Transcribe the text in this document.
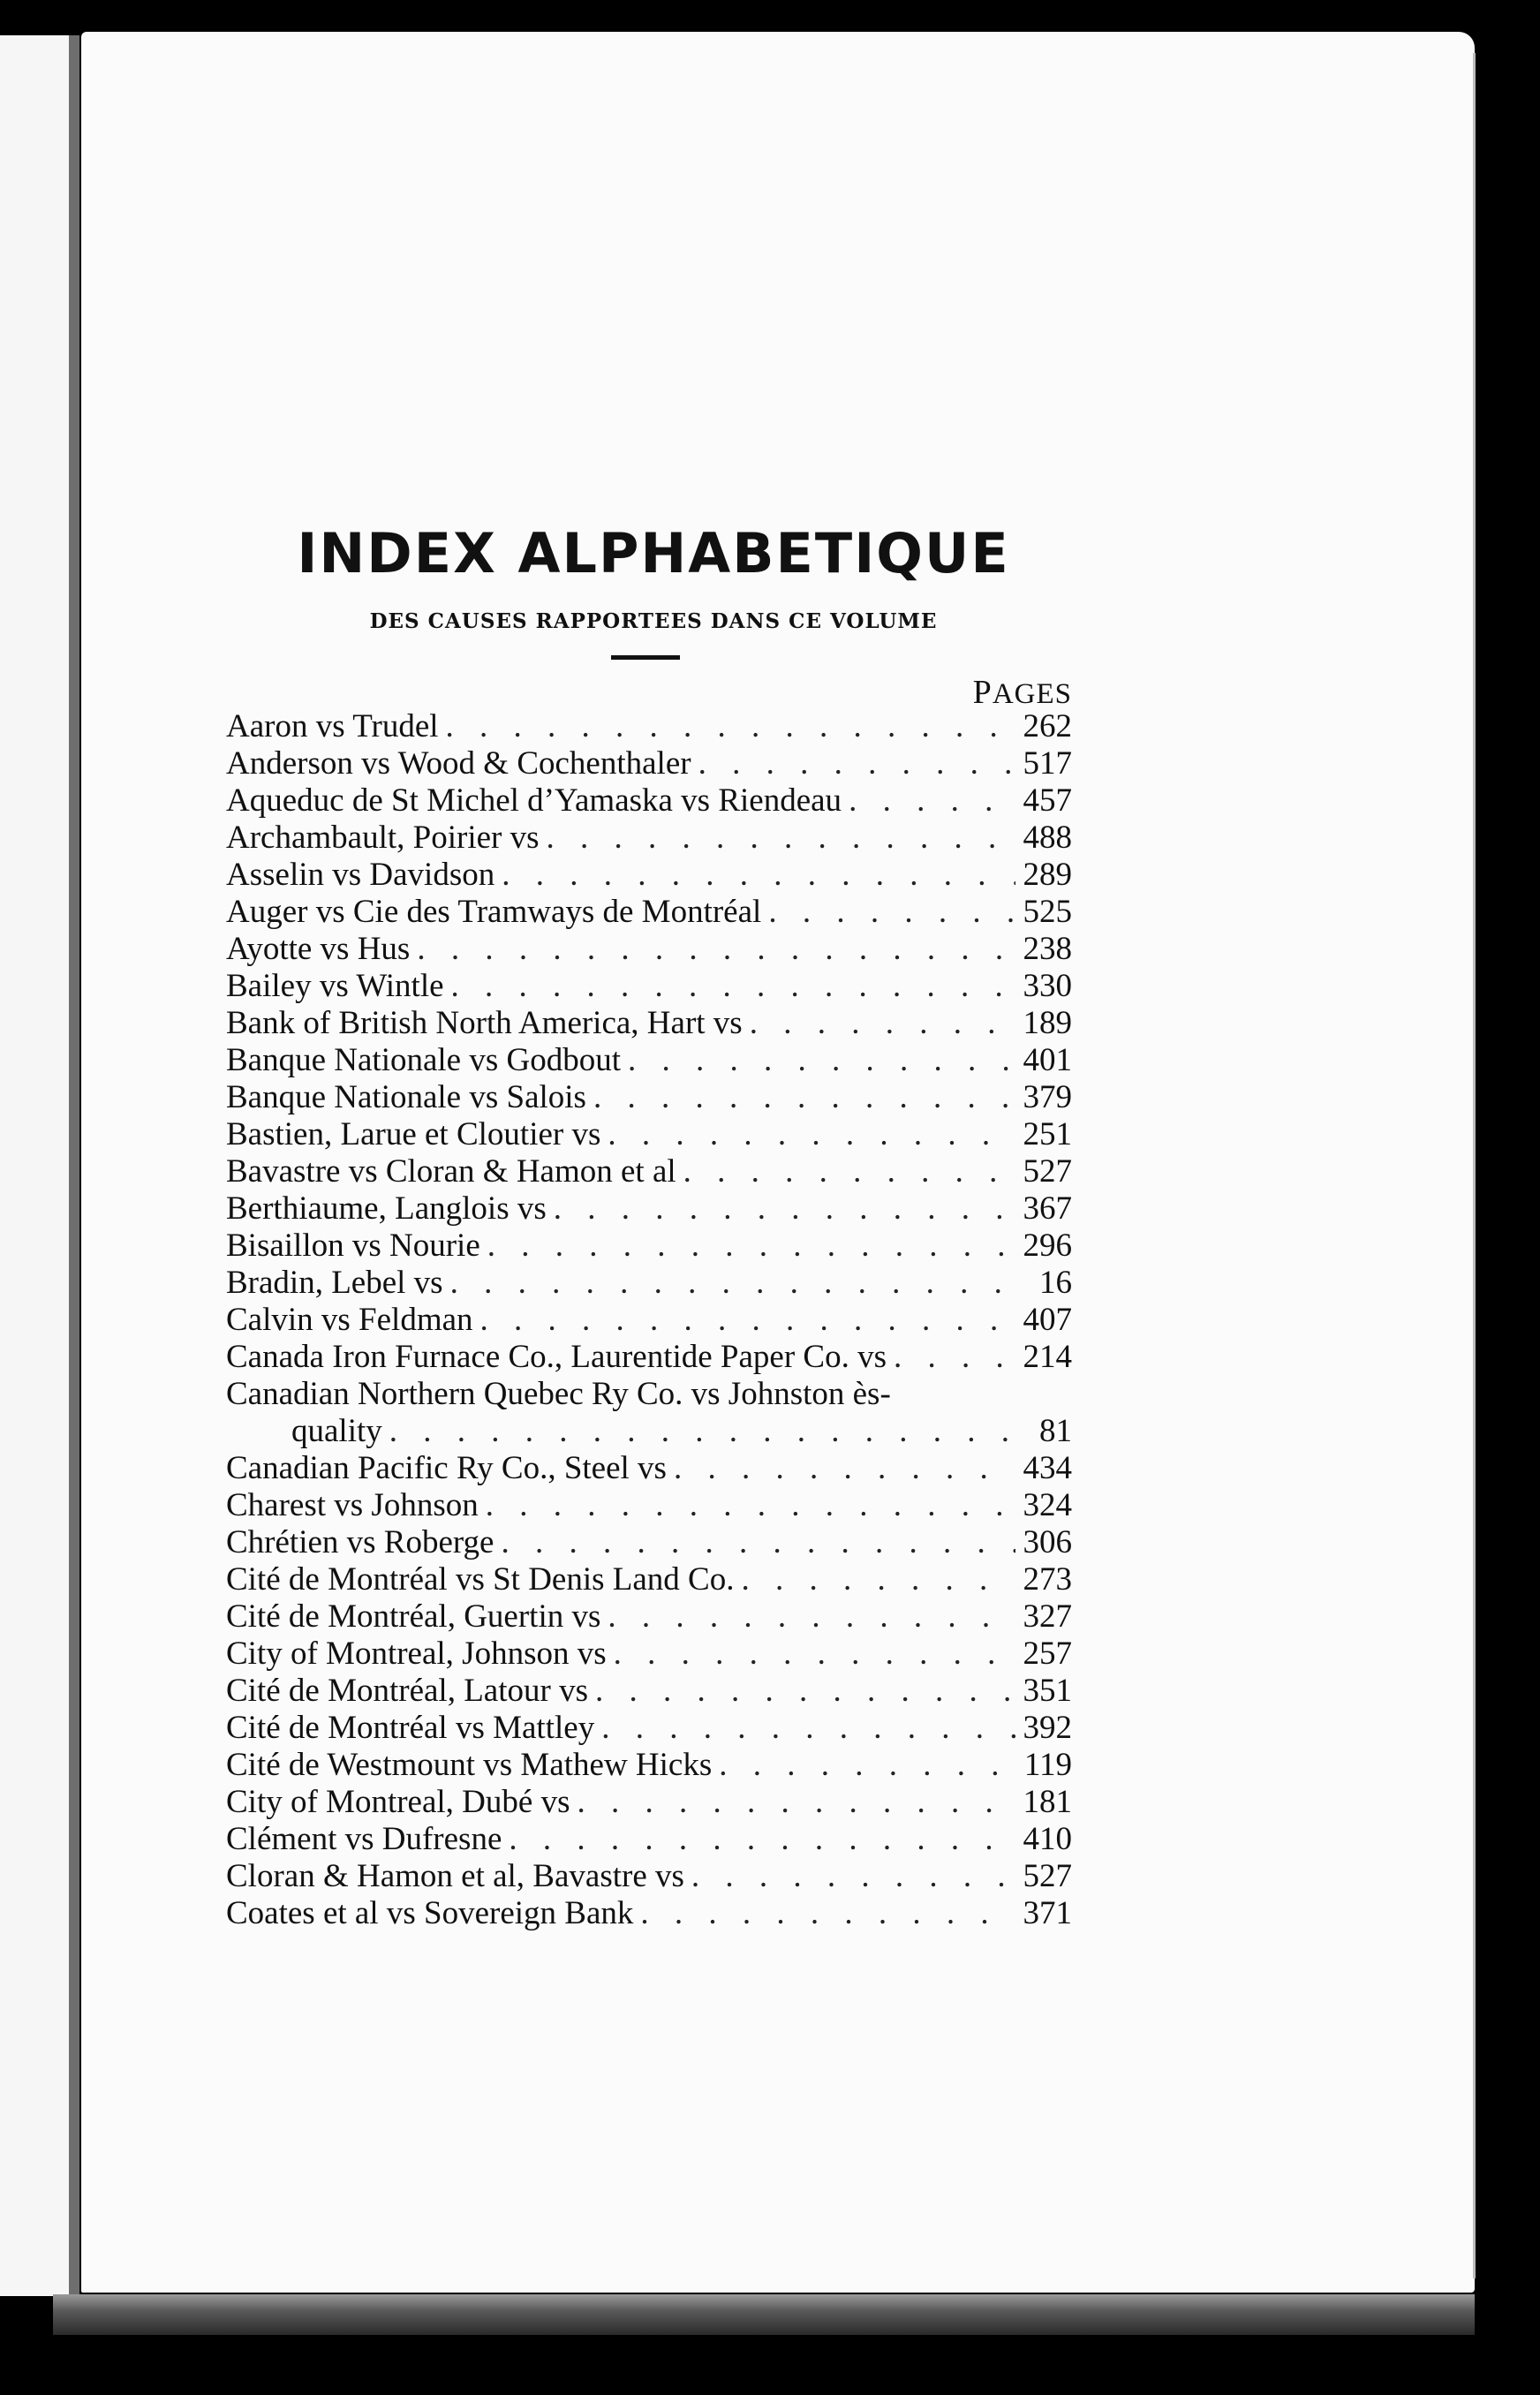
INDEX ALPHABETIQUE
DES CAUSES RAPPORTEES DANS CE VOLUME
PAGES
Aaron vs Trudel . . .	262
Anderson vs Wood & Cochenthaler . . .	517
Aqueduc de St Michel d’Yamaska vs Riendeau . . .	457
Archambault, Poirier vs . . .	488
Asselin vs Davidson . . .	289
Auger vs Cie des Tramways de Montréal . . .	525
Ayotte vs Hus . . .	238
Bailey vs Wintle . . .	330
Bank of British North America, Hart vs . . .	189
Banque Nationale vs Godbout . . .	401
Banque Nationale vs Salois . . .	379
Bastien, Larue et Cloutier vs . . .	251
Bavastre vs Cloran & Hamon et al . . .	527
Berthiaume, Langlois vs . . .	367
Bisaillon vs Nourie . . .	296
Bradin, Lebel vs . . .	16
Calvin vs Feldman . . .	407
Canada Iron Furnace Co., Laurentide Paper Co. vs . . .	214
Canadian Northern Quebec Ry Co. vs Johnston ès-
quality . . .	81
Canadian Pacific Ry Co., Steel vs . . .	434
Charest vs Johnson . . .	324
Chrétien vs Roberge . . .	306
Cité de Montréal vs St Denis Land Co. . . .	273
Cité de Montréal, Guertin vs . . .	327
City of Montreal, Johnson vs . . .	257
Cité de Montréal, Latour vs . . .	351
Cité de Montréal vs Mattley . . .	392
Cité de Westmount vs Mathew Hicks . . .	119
City of Montreal, Dubé vs . . .	181
Clément vs Dufresne . . .	410
Cloran & Hamon et al, Bavastre vs . . .	527
Coates et al vs Sovereign Bank . . .	371
